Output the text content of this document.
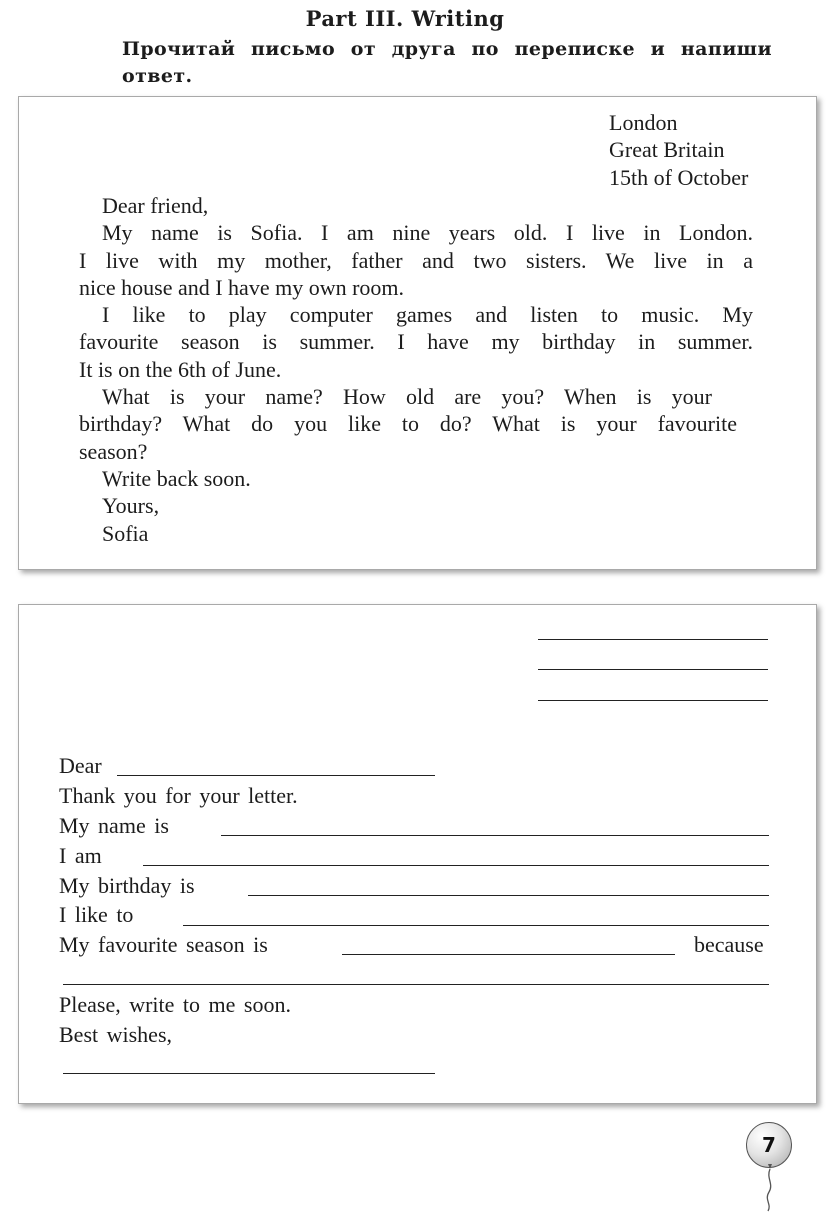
Part III. Writing
Прочитай письмо от друга по переписке и напиши
ответ.
London
Great Britain
15th of October
Dear friend,
My name is Sofia. I am nine years old. I live in London.
I live with my mother, father and two sisters. We live in a
nice house and I have my own room.
I like to play computer games and listen to music. My
favourite season is summer. I have my birthday in summer.
It is on the 6th of June.
What is your name? How old are you? When is your
birthday? What do you like to do? What is your favourite
season?
Write back soon.
Yours,
Sofia
Dear
Thank you for your letter.
My name is
I am
My birthday is
I like to
My favourite season is	because
Please, write to me soon.
Best wishes,
7
